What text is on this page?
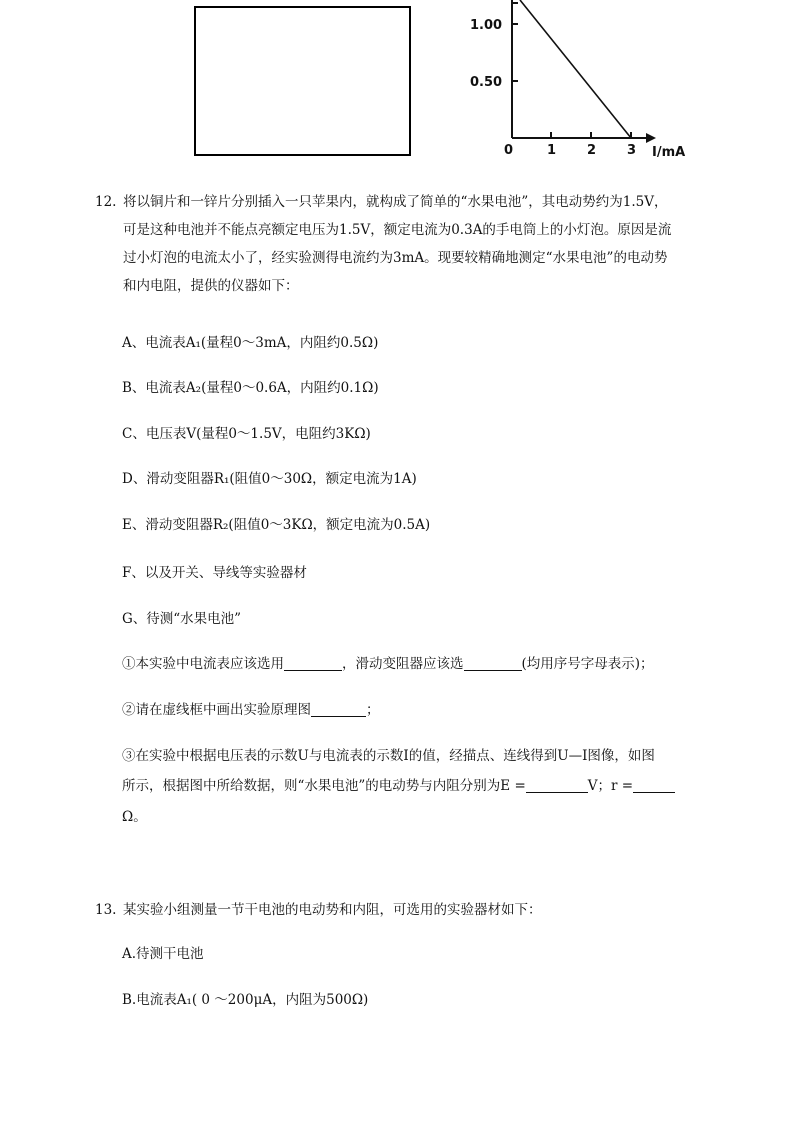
1.00
0.50
0	1 2 3 I/mA
12. 将以铜片和一锌片分别插入一只苹果内，就构成了简单的“水果电池”，其电动势约为1.5V，
可是这种电池并不能点亮额定电压为1.5V，额定电流为0.3A的手电筒上的小灯泡。原因是流
过小灯泡的电流太小了，经实验测得电流约为3mA。现要较精确地测定“水果电池”的电动势
和内电阻，提供的仪器如下：
A、电流表A₁(量程0～3mA，内阻约0.5Ω)
B、电流表A₂(量程0～0.6A，内阻约0.1Ω)
C、电压表V(量程0～1.5V，电阻约3KΩ)
D、滑动变阻器R₁(阻值0～30Ω，额定电流为1A)
E、滑动变阻器R₂(阻值0～3KΩ，额定电流为0.5A)
F、以及开关、导线等实验器材
G、待测“水果电池”
①本实验中电流表应该选用	，滑动变阻器应该选	(均用序号字母表示)；
②请在虚线框中画出实验原理图	；
③在实验中根据电压表的示数U与电流表的示数I的值，经描点、连线得到U—I图像，如图
所示，根据图中所给数据，则“水果电池”的电动势与内阻分别为E =	V；r =
Ω。
13. 某实验小组测量一节干电池的电动势和内阻，可选用的实验器材如下：
A.待测干电池
B.电流表A₁( 0 ～200μA，内阻为500Ω)
